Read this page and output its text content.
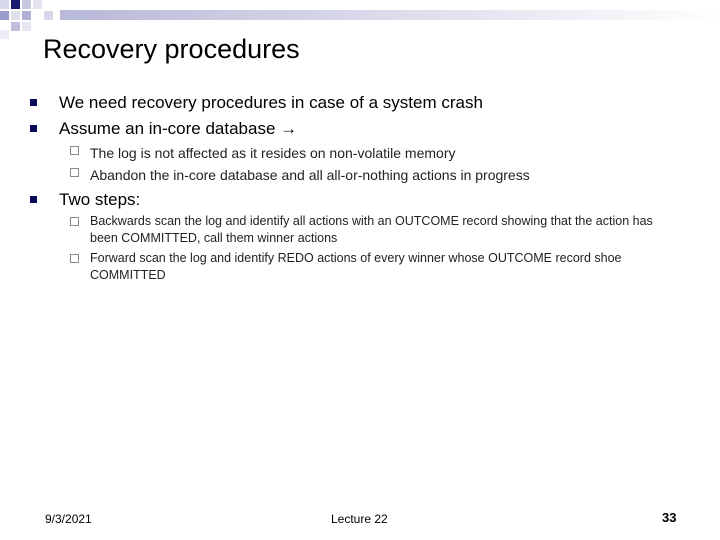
Recovery procedures
We need recovery procedures in case of a system crash
Assume an in-core database →
The log is not affected as it resides on non-volatile memory
Abandon the in-core database and all all-or-nothing actions in progress
Two steps:
Backwards scan the log and identify all actions with an OUTCOME record showing that the action has been COMMITTED, call them winner actions
Forward scan the log and identify REDO actions of every winner whose OUTCOME record shoe COMMITTED
9/3/2021	Lecture 22	33
